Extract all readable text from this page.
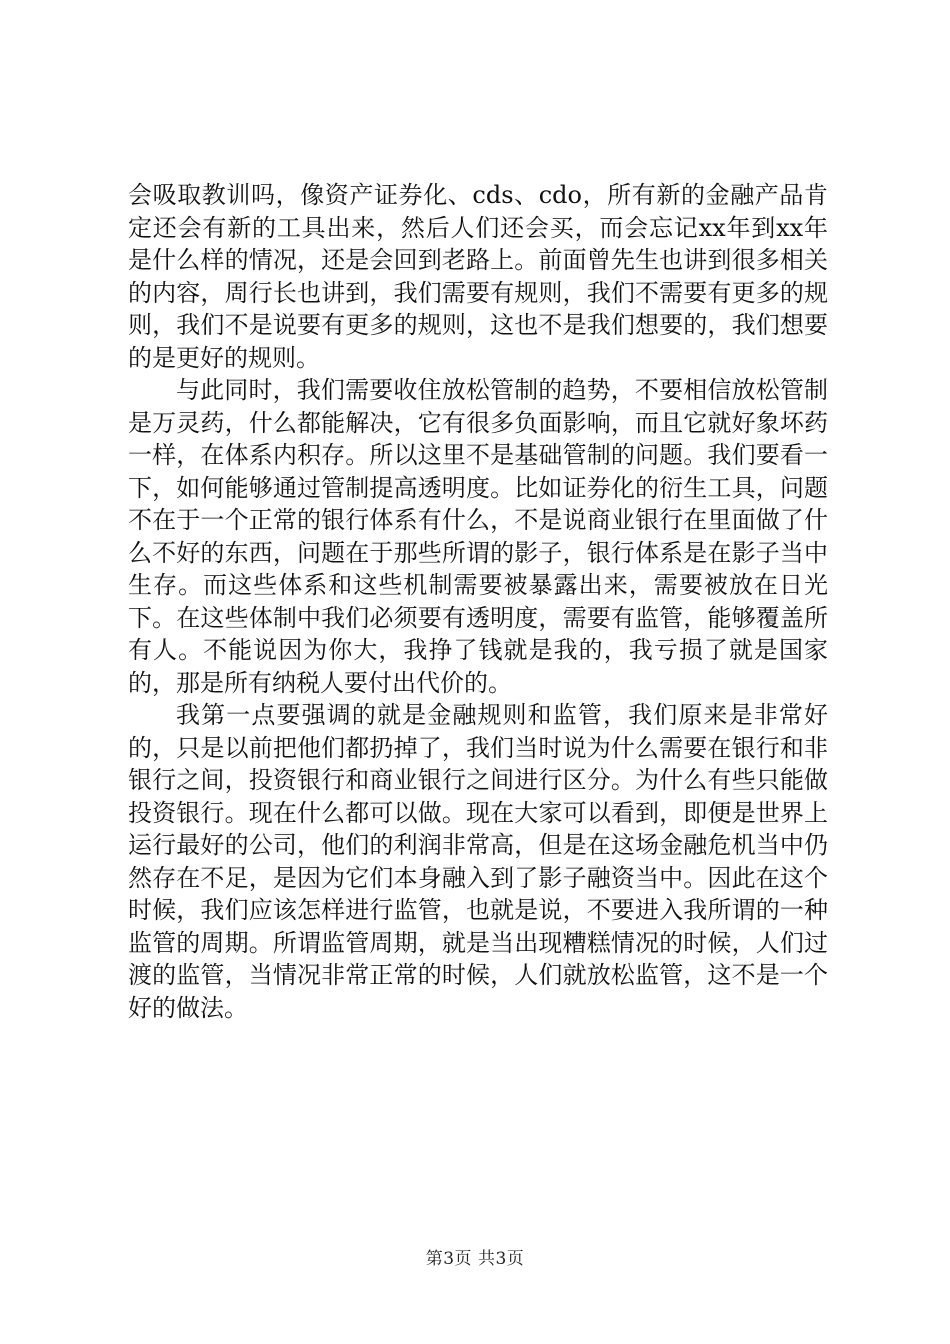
会吸取教训吗，像资产证券化、cds、cdo，所有新的金融产品肯定还会有新的工具出来，然后人们还会买，而会忘记xx年到xx年是什么样的情况，还是会回到老路上。前面曾先生也讲到很多相关的内容，周行长也讲到，我们需要有规则，我们不需要有更多的规则，我们不是说要有更多的规则，这也不是我们想要的，我们想要的是更好的规则。

与此同时，我们需要收住放松管制的趋势，不要相信放松管制是万灵药，什么都能解决，它有很多负面影响，而且它就好象坏药一样，在体系内积存。所以这里不是基础管制的问题。我们要看一下，如何能够通过管制提高透明度。比如证券化的衍生工具，问题不在于一个正常的银行体系有什么，不是说商业银行在里面做了什么不好的东西，问题在于那些所谓的影子，银行体系是在影子当中生存。而这些体系和这些机制需要被暴露出来，需要被放在日光下。在这些体制中我们必须要有透明度，需要有监管，能够覆盖所有人。不能说因为你大，我挣了钱就是我的，我亏损了就是国家的，那是所有纳税人要付出代价的。

我第一点要强调的就是金融规则和监管，我们原来是非常好的，只是以前把他们都扔掉了，我们当时说为什么需要在银行和非银行之间，投资银行和商业银行之间进行区分。为什么有些只能做投资银行。现在什么都可以做。现在大家可以看到，即便是世界上运行最好的公司，他们的利润非常高，但是在这场金融危机当中仍然存在不足，是因为它们本身融入到了影子融资当中。因此在这个时候，我们应该怎样进行监管，也就是说，不要进入我所谓的一种监管的周期。所谓监管周期，就是当出现糟糕情况的时候，人们过渡的监管，当情况非常正常的时候，人们就放松监管，这不是一个好的做法。

第3页 共3页
